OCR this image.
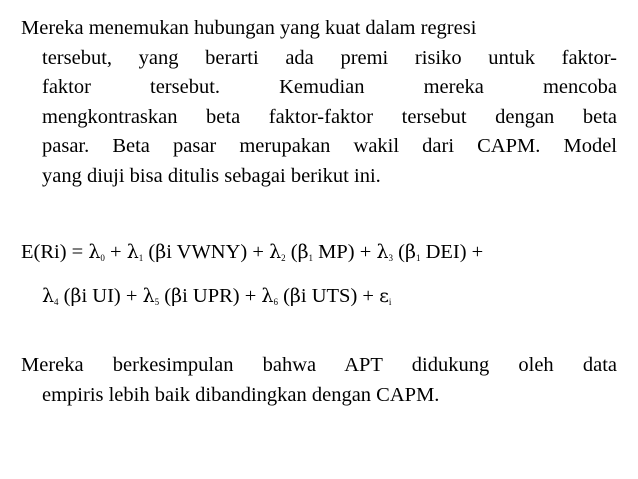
Mereka menemukan hubungan yang kuat dalam regresi
tersebut, yang berarti ada premi risiko untuk faktor-
faktor	tersebut.	Kemudian	mereka	mencoba
mengkontraskan beta faktor-faktor tersebut dengan beta
pasar. Beta pasar merupakan wakil dari CAPM. Model
yang diuji bisa ditulis sebagai berikut ini.
$E(Ri) = \lambda_0 + \lambda_1$ (βi VWNY) + $\lambda_2$ ($\beta_1$ $MP) + \lambda_3$ ($\beta_1$ DEI) +
$\lambda_4$ (βi $UI) + \lambda_5$ (βi $UPR) + \lambda_6$ (βi $UTS) + \varepsilon_i$
Mereka berkesimpulan bahwa APT didukung oleh data
empiris lebih baik dibandingkan dengan CAPM.
